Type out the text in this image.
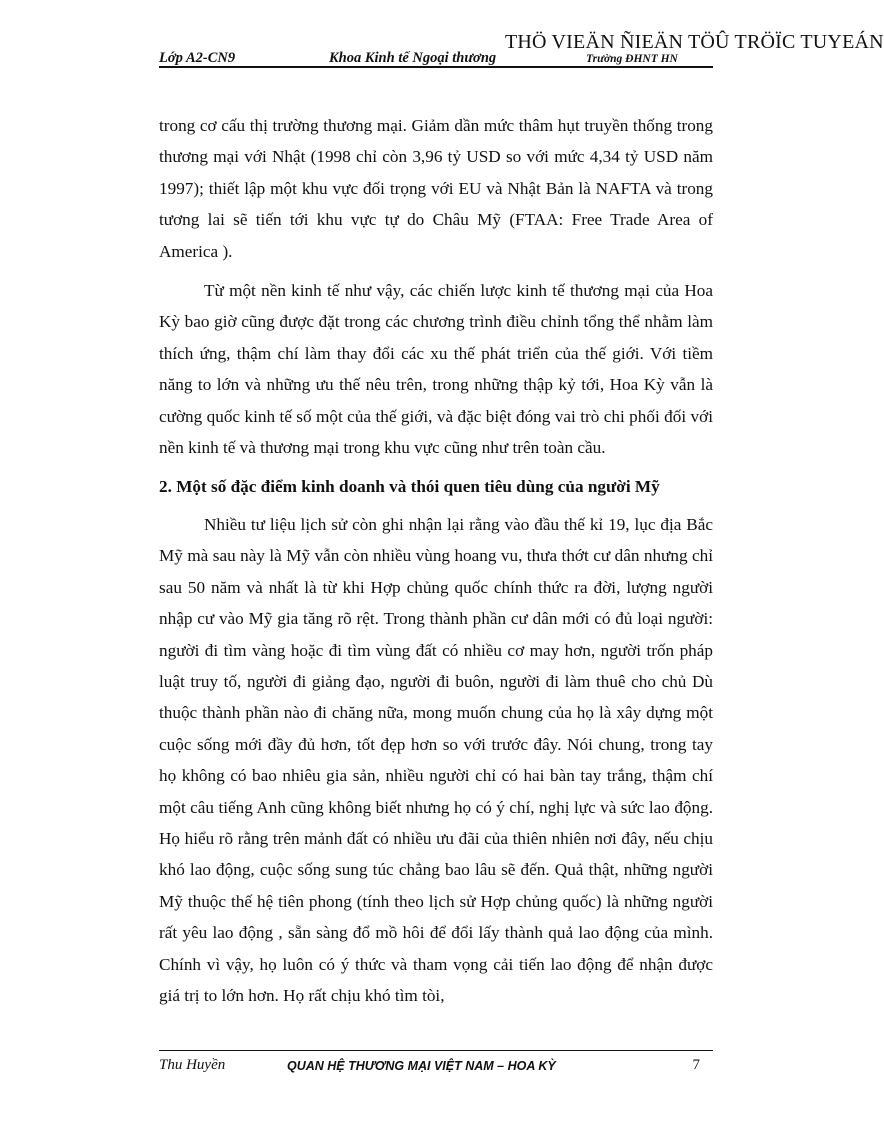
Lớp A2-CN9	Khoa Kinh tế Ngoại thương
THÖ VIEÄN ÑIEÄN TÖÛ TRÖÏC TUYEÁN
Trường ĐHNT HN

trong cơ cấu thị trường thương mại. Giảm dần mức thâm hụt truyền thống trong thương mại với Nhật (1998 chỉ còn 3,96 tỷ USD so với mức 4,34 tỷ USD năm 1997); thiết lập một khu vực đối trọng với EU và Nhật Bản là NAFTA và trong tương lai sẽ tiến tới khu vực tự do Châu Mỹ (FTAA: Free Trade Area of America ).

Từ một nền kinh tế như vậy, các chiến lược kinh tế thương mại của Hoa Kỳ bao giờ cũng được đặt trong các chương trình điều chỉnh tổng thể nhằm làm thích ứng, thậm chí làm thay đổi các xu thế phát triển của thế giới. Với tiềm năng to lớn và những ưu thế nêu trên, trong những thập kỷ tới, Hoa Kỳ vẫn là cường quốc kinh tế số một của thế giới, và đặc biệt đóng vai trò chi phối đối với nền kinh tế và thương mại trong khu vực cũng như trên toàn cầu.

2. Một số đặc điểm kinh doanh và thói quen tiêu dùng của người Mỹ

Nhiều tư liệu lịch sử còn ghi nhận lại rằng vào đầu thế kỉ 19, lục địa Bắc Mỹ mà sau này là Mỹ vẫn còn nhiều vùng hoang vu, thưa thớt cư dân nhưng chỉ sau 50 năm và nhất là từ khi Hợp chủng quốc chính thức ra đời, lượng người nhập cư vào Mỹ gia tăng rõ rệt. Trong thành phần cư dân mới có đủ loại người: người đi tìm vàng hoặc đi tìm vùng đất có nhiều cơ may hơn, người trốn pháp luật truy tố, người đi giảng đạo, người đi buôn, người đi làm thuê cho chủ Dù thuộc thành phần nào đi chăng nữa, mong muốn chung của họ là xây dựng một cuộc sống mới đầy đủ hơn, tốt đẹp hơn so với trước đây. Nói chung, trong tay họ không có bao nhiêu gia sản, nhiều người chỉ có hai bàn tay trắng, thậm chí một câu tiếng Anh cũng không biết nhưng họ có ý chí, nghị lực và sức lao động. Họ hiểu rõ rằng trên mảnh đất có nhiều ưu đãi của thiên nhiên nơi đây, nếu chịu khó lao động, cuộc sống sung túc chẳng bao lâu sẽ đến. Quả thật, những người Mỹ thuộc thế hệ tiên phong (tính theo lịch sử Hợp chủng quốc) là những người rất yêu lao động , sẵn sàng đổ mồ hôi để đổi lấy thành quả lao động của mình. Chính vì vậy, họ luôn có ý thức và tham vọng cải tiến lao động để nhận được giá trị to lớn hơn. Họ rất chịu khó tìm tòi,

Thu Huyền	QUAN HỆ THƯƠNG MẠI VIỆT NAM – HOA KỲ	7
